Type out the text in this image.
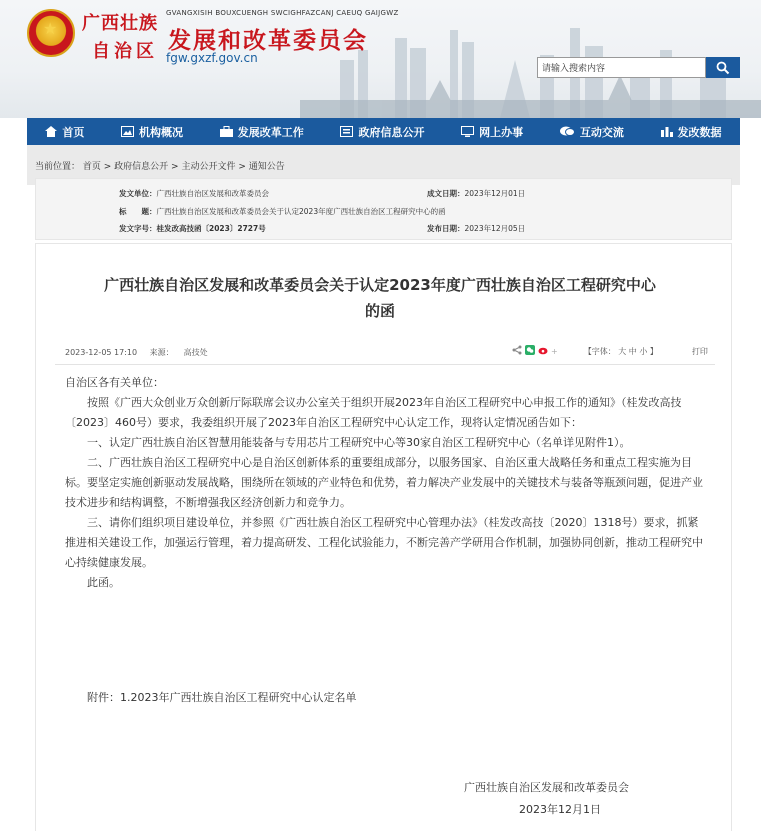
★ 广西壮族
自治区
GVANGXISIH BOUXCUENGH SWCIGHFAZCANJ CAEUQ GAIJGWZ
发展和改革委员会
fgw.gxzf.gov.cn
请输入搜索内容
首页	机构概况	发展改革工作	政府信息公开	网上办事	互动交流	发改数据
当前位置： 首页 > 政府信息公开 > 主动公开文件 > 通知公告
发文单位：广西壮族自治区发展和改革委员会	成文日期：2023年12月01日
标　　题：广西壮族自治区发展和改革委员会关于认定2023年度广西壮族自治区工程研究中心的函
发文字号：桂发改高技函〔2023〕2727号	发布日期：2023年12月05日
广西壮族自治区发展和改革委员会关于认定2023年度广西壮族自治区工程研究中心
的函
2023-12-05 17:10 来源： 高技处	+	【字体： 大 中 小 】	打印

自治区各有关单位：

按照《广西大众创业万众创新厅际联席会议办公室关于组织开展2023年自治区工程研究中心申报工作的通知》（桂发改高技〔2023〕460号）要求，我委组织开展了2023年自治区工程研究中心认定工作，现将认定情况函告如下：

一、认定广西壮族自治区智慧用能装备与专用芯片工程研究中心等30家自治区工程研究中心（名单详见附件1）。

二、广西壮族自治区工程研究中心是自治区创新体系的重要组成部分，以服务国家、自治区重大战略任务和重点工程实施为目标。要坚定实施创新驱动发展战略，围绕所在领域的产业特色和优势，着力解决产业发展中的关键技术与装备等瓶颈问题，促进产业技术进步和结构调整，不断增强我区经济创新力和竞争力。

三、请你们组织项目建设单位，并参照《广西壮族自治区工程研究中心管理办法》（桂发改高技〔2020〕1318号）要求，抓紧推进相关建设工作，加强运行管理，着力提高研发、工程化试验能力，不断完善产学研用合作机制，加强协同创新，推动工程研究中心持续健康发展。

此函。

附件：1.2023年广西壮族自治区工程研究中心认定名单
广西壮族自治区发展和改革委员会
2023年12月1日
